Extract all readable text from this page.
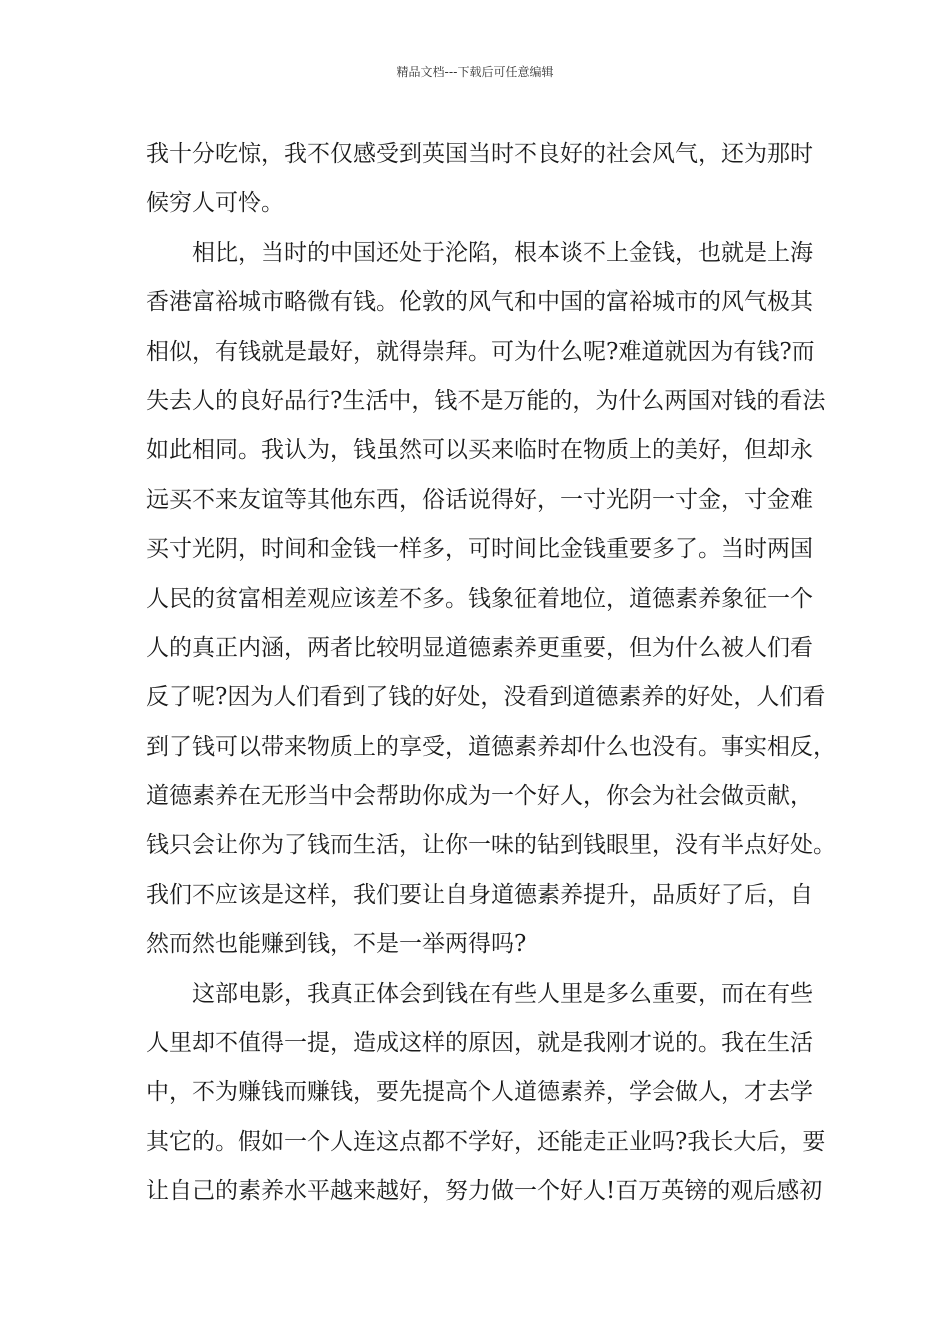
精品文档---下载后可任意编辑
我十分吃惊，我不仅感受到英国当时不良好的社会风气，还为那时
候穷人可怜。
相比，当时的中国还处于沦陷，根本谈不上金钱，也就是上海
香港富裕城市略微有钱。伦敦的风气和中国的富裕城市的风气极其
相似，有钱就是最好，就得崇拜。可为什么呢?难道就因为有钱?而
失去人的良好品行?生活中，钱不是万能的，为什么两国对钱的看法
如此相同。我认为，钱虽然可以买来临时在物质上的美好，但却永
远买不来友谊等其他东西，俗话说得好，一寸光阴一寸金，寸金难
买寸光阴，时间和金钱一样多，可时间比金钱重要多了。当时两国
人民的贫富相差观应该差不多。钱象征着地位，道德素养象征一个
人的真正内涵，两者比较明显道德素养更重要，但为什么被人们看
反了呢?因为人们看到了钱的好处，没看到道德素养的好处，人们看
到了钱可以带来物质上的享受，道德素养却什么也没有。事实相反，
道德素养在无形当中会帮助你成为一个好人，你会为社会做贡献，
钱只会让你为了钱而生活，让你一味的钻到钱眼里，没有半点好处。
我们不应该是这样，我们要让自身道德素养提升，品质好了后，自
然而然也能赚到钱，不是一举两得吗?
这部电影，我真正体会到钱在有些人里是多么重要，而在有些
人里却不值得一提，造成这样的原因，就是我刚才说的。我在生活
中，不为赚钱而赚钱，要先提高个人道德素养，学会做人，才去学
其它的。假如一个人连这点都不学好，还能走正业吗?我长大后，要
让自己的素养水平越来越好，努力做一个好人!百万英镑的观后感初
